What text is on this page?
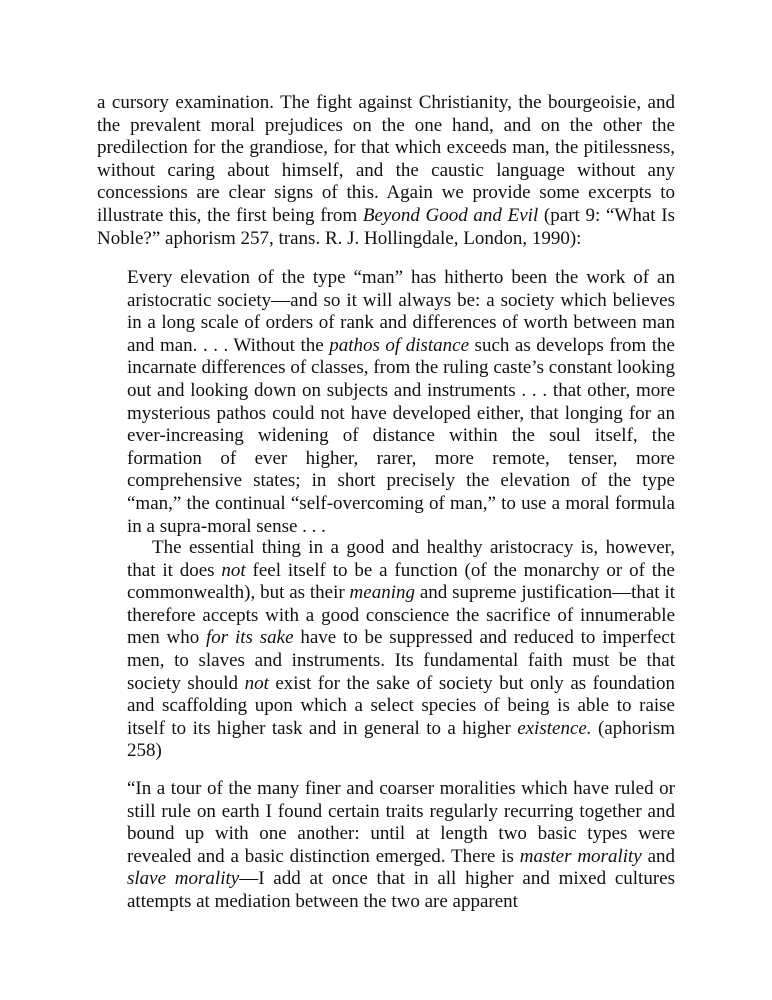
a cursory examination. The fight against Christianity, the bourgeoisie, and the prevalent moral prejudices on the one hand, and on the other the predilection for the grandiose, for that which exceeds man, the pitilessness, without caring about himself, and the caustic language without any concessions are clear signs of this. Again we provide some excerpts to illustrate this, the first being from Beyond Good and Evil (part 9: “What Is Noble?” aphorism 257, trans. R. J. Hollingdale, London, 1990):

Every elevation of the type “man” has hitherto been the work of an aristocratic society—and so it will always be: a society which believes in a long scale of orders of rank and differences of worth between man and man. . . . Without the pathos of distance such as develops from the incarnate differences of classes, from the ruling caste’s constant looking out and looking down on subjects and instruments . . . that other, more mysterious pathos could not have developed either, that longing for an ever-increasing widening of distance within the soul itself, the formation of ever higher, rarer, more remote, tenser, more comprehensive states; in short precisely the elevation of the type “man,” the continual “self-overcoming of man,” to use a moral formula in a supra-moral sense . . .

The essential thing in a good and healthy aristocracy is, however, that it does not feel itself to be a function (of the monarchy or of the commonwealth), but as their meaning and supreme justification—that it therefore accepts with a good conscience the sacrifice of innumerable men who for its sake have to be suppressed and reduced to imperfect men, to slaves and instruments. Its fundamental faith must be that society should not exist for the sake of society but only as foundation and scaffolding upon which a select species of being is able to raise itself to its higher task and in general to a higher existence. (aphorism 258)

“In a tour of the many finer and coarser moralities which have ruled or still rule on earth I found certain traits regularly recurring together and bound up with one another: until at length two basic types were revealed and a basic distinction emerged. There is master morality and slave morality—I add at once that in all higher and mixed cultures attempts at mediation between the two are apparent
